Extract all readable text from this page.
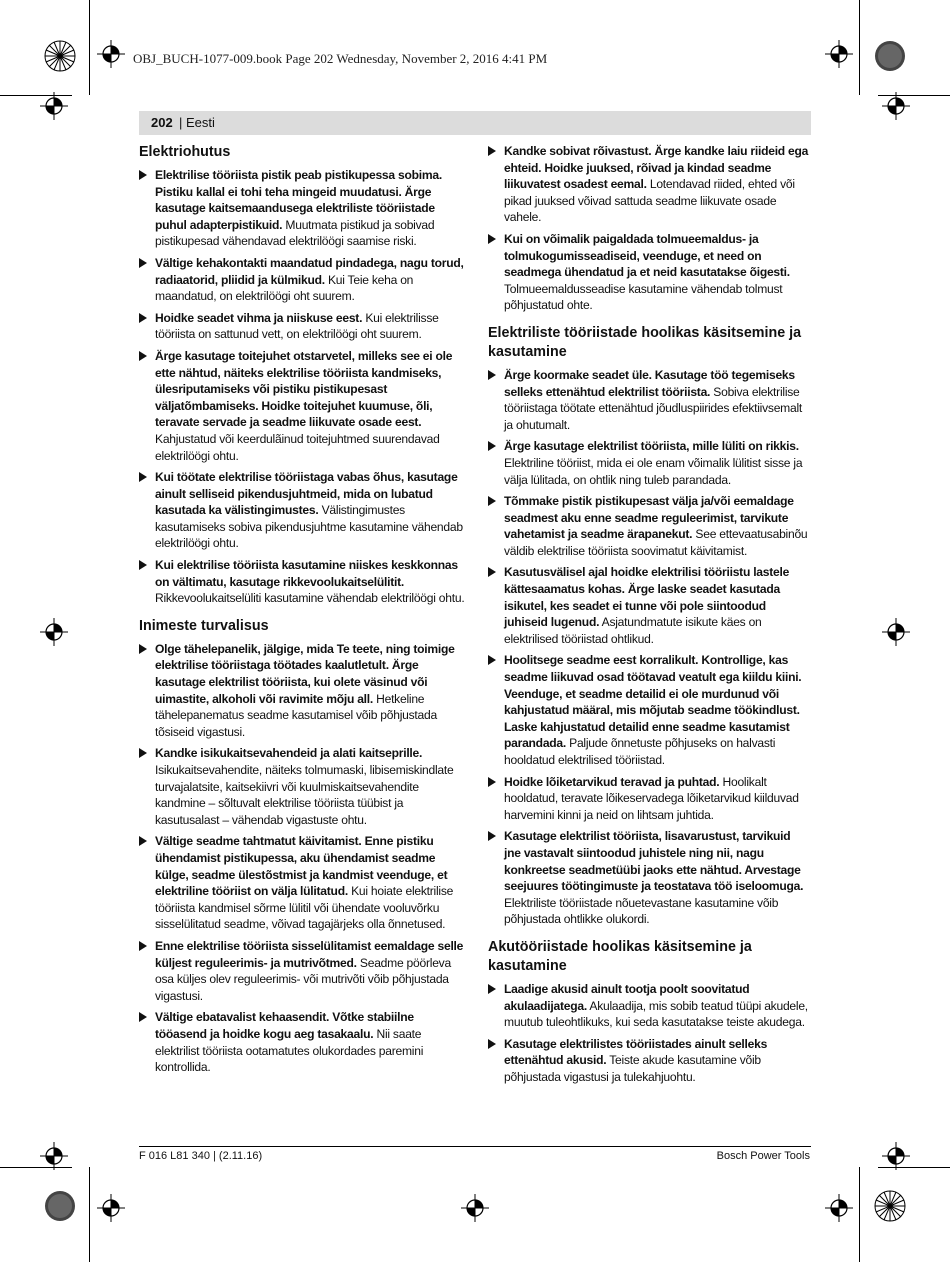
OBJ_BUCH-1077-009.book Page 202 Wednesday, November 2, 2016 4:41 PM
202 | Eesti
Elektriohutus
Elektrilise tööriista pistik peab pistikupessa sobima. Pistiku kallal ei tohi teha mingeid muudatusi. Ärge kasutage kaitsemaandusega elektriliste tööriistade puhul adapterpistikuid. Muutmata pistikud ja sobivad pistikupesad vähendavad elektrilöögi saamise riski.
Vältige kehakontakti maandatud pindadega, nagu torud, radiaatorid, pliidid ja külmikud. Kui Teie keha on maandatud, on elektrilöögi oht suurem.
Hoidke seadet vihma ja niiskuse eest. Kui elektrilisse tööriista on sattunud vett, on elektrilöögi oht suurem.
Ärge kasutage toitejuhet otstarvetel, milleks see ei ole ette nähtud, näiteks elektrilise tööriista kandmiseks, ülesriputamiseks või pistiku pistikupesast väljatõmbamiseks. Hoidke toitejuhet kuumuse, õli, teravate servade ja seadme liikuvate osade eest. Kahjustatud või keerdulãinud toitejuhtmed suurendavad elektrilöögi ohtu.
Kui töötate elektrilise tööriistaga vabas õhus, kasutage ainult selliseid pikendusjuhtmeid, mida on lubatud kasutada ka välistingimustes. Välistingimustes kasutamiseks sobiva pikendusjuhtme kasutamine vähendab elektrilöögi ohtu.
Kui elektrilise tööriista kasutamine niiskes keskkonnas on vältimatu, kasutage rikkevoolukaitselülitit. Rikkevoolukaitselüliti kasutamine vähendab elektrilöögi ohtu.
Inimeste turvalisus
Olge tähelepanelik, jälgige, mida Te teete, ning toimige elektrilise tööriistaga töötades kaalutletult. Ärge kasutage elektrilist tööriista, kui olete väsinud või uimastite, alkoholi või ravimite mõju all. Hetkeline tähelepanematus seadme kasutamisel võib põhjustada tõsiseid vigastusi.
Kandke isikukaitsevahendeid ja alati kaitseprille. Isikukaitsevahendite, näiteks tolmumaski, libisemiskindlate turvajalatsite, kaitsekiivri või kuulmiskaitsevahendite kandmine – sõltuvalt elektrilise tööriista tüübist ja kasutusalast – vähendab vigastuste ohtu.
Vältige seadme tahtmatut käivitamist. Enne pistiku ühendamist pistikupessa, aku ühendamist seadme külge, seadme ülestõstmist ja kandmist veenduge, et elektriline tööriist on välja lülitatud. Kui hoiate elektrilise tööriista kandmisel sõrme lülitil või ühendate vooluvõrku sisselülitatud seadme, võivad tagajärjeks olla õnnetused.
Enne elektrilise tööriista sisselülitamist eemaldage selle küljest reguleerimis- ja mutrivõtmed. Seadme pöörleva osa küljes olev reguleerimis- või mutrivõti võib põhjustada vigastusi.
Vältige ebatavalist kehaasendit. Võtke stabiilne tööasend ja hoidke kogu aeg tasakaalu. Nii saate elektrilist tööriista ootamatutes olukordades paremini kontrollida.
Kandke sobivat rõivastust. Ärge kandke laiu riideid ega ehteid. Hoidke juuksed, rõivad ja kindad seadme liikuvatest osadest eemal. Lotendavad riided, ehted või pikad juuksed võivad sattuda seadme liikuvate osade vahele.
Kui on võimalik paigaldada tolmueemaldus- ja tolmukogumisseadiseid, veenduge, et need on seadmega ühendatud ja et neid kasutatakse õigesti. Tolmueemaldusseadise kasutamine vähendab tolmust põhjustatud ohte.
Elektriliste tööriistade hoolikas käsitsemine ja kasutamine
Ärge koormake seadet üle. Kasutage töö tegemiseks selleks ettenähtud elektrilist tööriista. Sobiva elektrilise tööriistaga töötate ettenähtud jõudluspiirides efektiivsemalt ja ohutumalt.
Ärge kasutage elektrilist tööriista, mille lüliti on rikkis. Elektriline tööriist, mida ei ole enam võimalik lülitist sisse ja välja lülitada, on ohtlik ning tuleb parandada.
Tõmmake pistik pistikupesast välja ja/või eemaldage seadmest aku enne seadme reguleerimist, tarvikute vahetamist ja seadme ärapanekut. See ettevaatusabinõu väldib elektrilise tööriista soovimatut käivitamist.
Kasutusvälisel ajal hoidke elektrilisi tööriistu lastele kättesaamatus kohas. Ärge laske seadet kasutada isikutel, kes seadet ei tunne või pole siintoodud juhiseid lugenud. Asjatundmatute isikute käes on elektrilised tööriistad ohtlikud.
Hoolitsege seadme eest korralikult. Kontrollige, kas seadme liikuvad osad töötavad veatult ega kiildu kiini. Veenduge, et seadme detailid ei ole murdunud või kahjustatud määral, mis mõjutab seadme töökindlust. Laske kahjustatud detailid enne seadme kasutamist parandada. Paljude õnnetuste põhjuseks on halvasti hooldatud elektrilised tööriistad.
Hoidke lõiketarvikud teravad ja puhtad. Hoolikalt hooldatud, teravate lõikeservadega lõiketarvikud kiilduvad harvemini kinni ja neid on lihtsam juhtida.
Kasutage elektrilist tööriista, lisavarustust, tarvikuid jne vastavalt siintoodud juhistele ning nii, nagu konkreetse seadmetüübi jaoks ette nähtud. Arvestage seejuures töötingimuste ja teostatava töö iseloomuga. Elektriliste tööriistade nõuetevastane kasutamine võib põhjustada ohtlikke olukordi.
Akutööriistade hoolikas käsitsemine ja kasutamine
Laadige akusid ainult tootja poolt soovitatud akulaadijatega. Akulaadija, mis sobib teatud tüüpi akudele, muutub tuleohtlikuks, kui seda kasutatakse teiste akudega.
Kasutage elektrilistes tööriistades ainult selleks ettenähtud akusid. Teiste akude kasutamine võib põhjustada vigastusi ja tulekahjuohtu.
F 016 L81 340 | (2.11.16)	Bosch Power Tools
